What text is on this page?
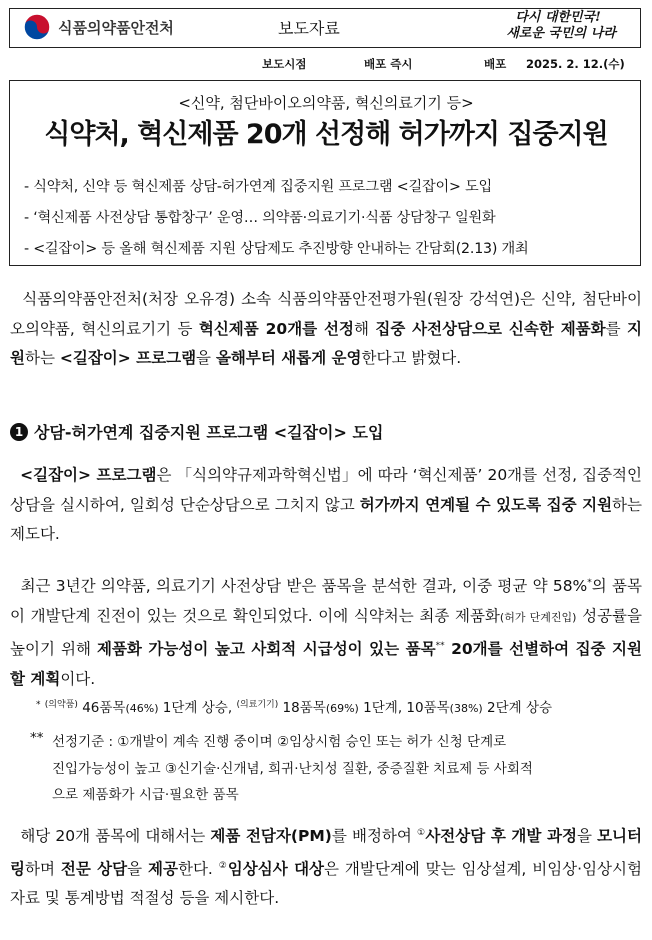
식품의약품안전처	보도자료
다시 대한민국!
새로운 국민의 나라
보도시점	배포 즉시	배포 2025. 2. 12.(수)
<신약, 첨단바이오의약품, 혁신의료기기 등>
식약처, 혁신제품 20개 선정해 허가까지 집중지원
- 식약처, 신약 등 혁신제품 상담-허가연계 집중지원 프로그램 <길잡이> 도입
- ‘혁신제품 사전상담 통합창구’ 운영… 의약품·의료기기·식품 상담창구 일원화
- <길잡이> 등 올해 혁신제품 지원 상담제도 추진방향 안내하는 간담회(2.13) 개최

식품의약품안전처(처장 오유경) 소속 식품의약품안전평가원(원장 강석연)은 신약, 첨단바이오의약품, 혁신의료기기 등 혁신제품 20개를 선정해 집중 사전상담으로 신속한 제품화를 지원하는 <길잡이> 프로그램을 올해부터 새롭게 운영한다고 밝혔다.

1 상담-허가연계 집중지원 프로그램 <길잡이> 도입

<길잡이> 프로그램은 「식의약규제과학혁신법」에 따라 ‘혁신제품’ 20개를 선정, 집중적인 상담을 실시하여, 일회성 단순상담으로 그치지 않고 허가까지 연계될 수 있도록 집중 지원하는 제도다.

최근 3년간 의약품, 의료기기 사전상담 받은 품목을 분석한 결과, 이중 평균 약 58%*의 품목이 개발단계 진전이 있는 것으로 확인되었다. 이에 식약처는 최종 제품화(허가 단계진입) 성공률을 높이기 위해 제품화 가능성이 높고 사회적 시급성이 있는 품목** 20개를 선별하여 집중 지원할 계획이다.

* $^{(의약품)}$ 46품목(46%) 1단계 상승, $^{(의료기기)}$ 18품목(69%) 1단계, 10품목(38%) 2단계 상승
** 선정기준 : ①개발이 계속 진행 중이며 ②임상시험 승인 또는 허가 신청 단계로
진입가능성이 높고 ③신기술·신개념, 희귀·난치성 질환, 중증질환 치료제 등 사회적
으로 제품화가 시급·필요한 품목

해당 20개 품목에 대해서는 제품 전담자(PM)를 배정하여 ①사전상담 후 개발 과정을 모니터링하며 전문 상담을 제공한다. ②임상심사 대상은 개발단계에 맞는 임상설계, 비임상·임상시험 자료 및 통계방법 적절성 등을 제시한다.
